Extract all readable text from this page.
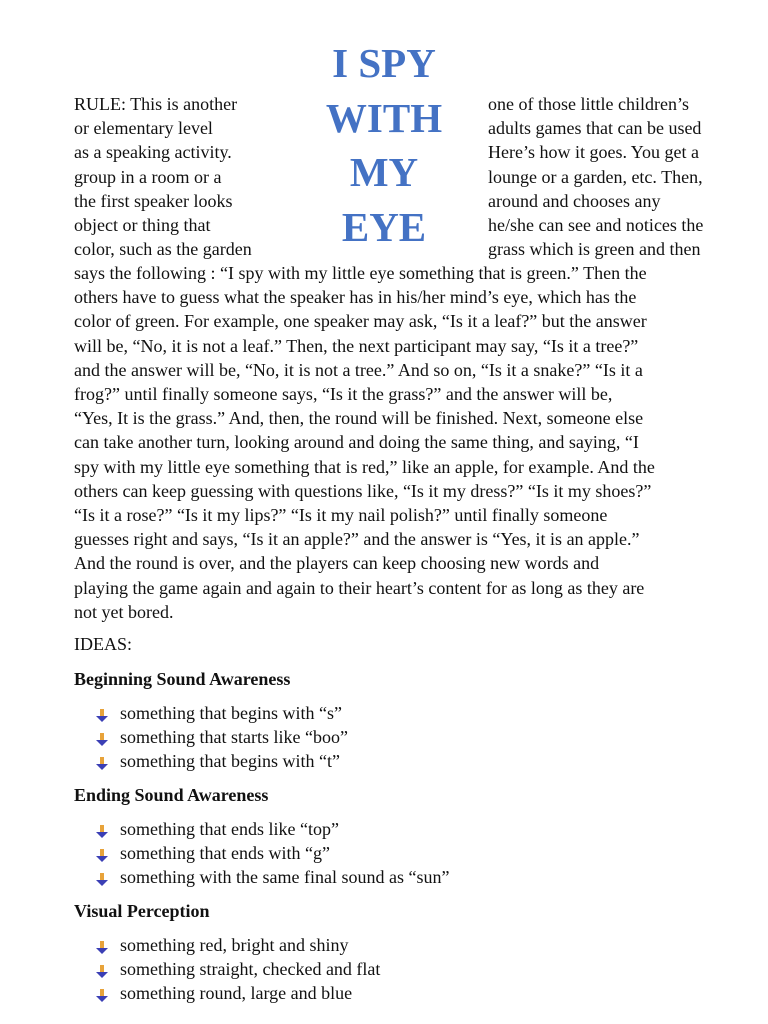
I SPY
WITH
MY
EYE
RULE: This is another
or elementary level
as a speaking activity.
group in a room or a
the first speaker looks
object or thing that
color, such as the garden
one of those little children’s
adults games that can be used
Here’s how it goes. You get a
lounge or a garden, etc. Then,
around and chooses any
he/she can see and notices the
grass which is green and then
says the following : “I spy with my little eye something that is green.” Then the
others have to guess what the speaker has in his/her mind’s eye, which has the
color of green. For example, one speaker may ask, “Is it a leaf?” but the answer
will be, “No, it is not a leaf.” Then, the next participant may say, “Is it a tree?”
and the answer will be, “No, it is not a tree.” And so on, “Is it a snake?” “Is it a
frog?” until finally someone says, “Is it the grass?” and the answer will be,
“Yes, It is the grass.” And, then, the round will be finished. Next, someone else
can take another turn, looking around and doing the same thing, and saying, “I
spy with my little eye something that is red,” like an apple, for example. And the
others can keep guessing with questions like, “Is it my dress?” “Is it my shoes?”
“Is it a rose?” “Is it my lips?” “Is it my nail polish?” until finally someone
guesses right and says, “Is it an apple?” and the answer is “Yes, it is an apple.”
And the round is over, and the players can keep choosing new words and
playing the game again and again to their heart’s content for as long as they are
not yet bored.
IDEAS:
Beginning Sound Awareness
something that begins with “s”
something that starts like “boo”
something that begins with “t”
Ending Sound Awareness
something that ends like “top”
something that ends with “g”
something with the same final sound as “sun”
Visual Perception
something red, bright and shiny
something straight, checked and flat
something round, large and blue
